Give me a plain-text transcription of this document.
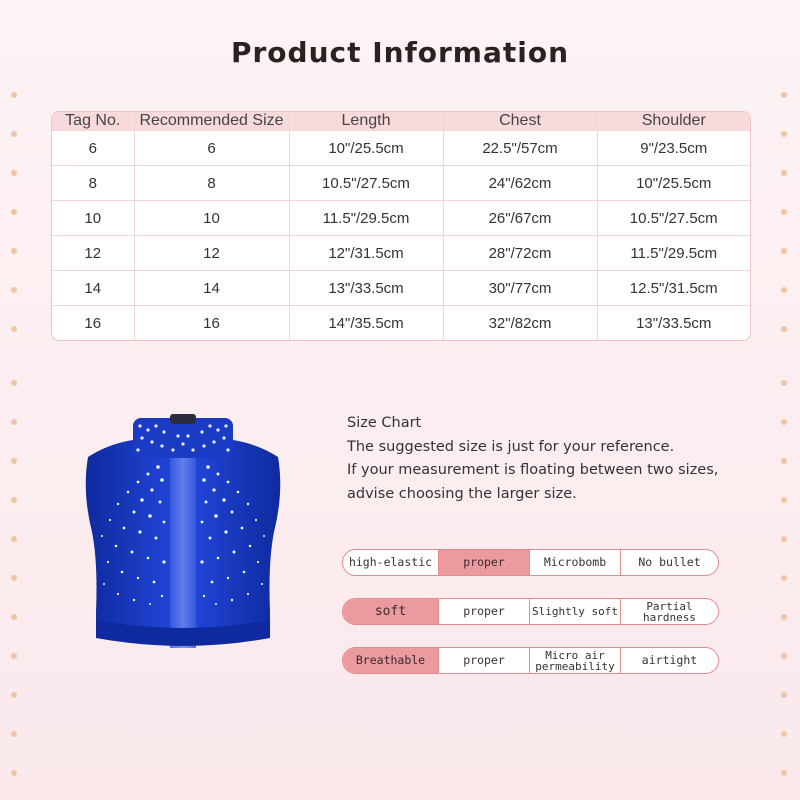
Product Information
Tag No.	Recommended Size	Length	Chest	Shoulder
6	6	10"/25.5cm	22.5"/57cm	9"/23.5cm
8	8	10.5"/27.5cm	24"/62cm	10"/25.5cm
10	10	11.5"/29.5cm	26"/67cm	10.5"/27.5cm
12	12	12"/31.5cm	28"/72cm	11.5"/29.5cm
14	14	13"/33.5cm	30"/77cm	12.5"/31.5cm
16	16	14"/35.5cm	32"/82cm	13"/33.5cm
Size Chart
The suggested size is just for your reference.
If your measurement is floating between two sizes,
advise choosing the larger size.
high-elastic	proper	Microbomb	No bullet
soft	proper	Slightly soft	Partial hardness
Breathable	proper	Micro air permeability	airtight
